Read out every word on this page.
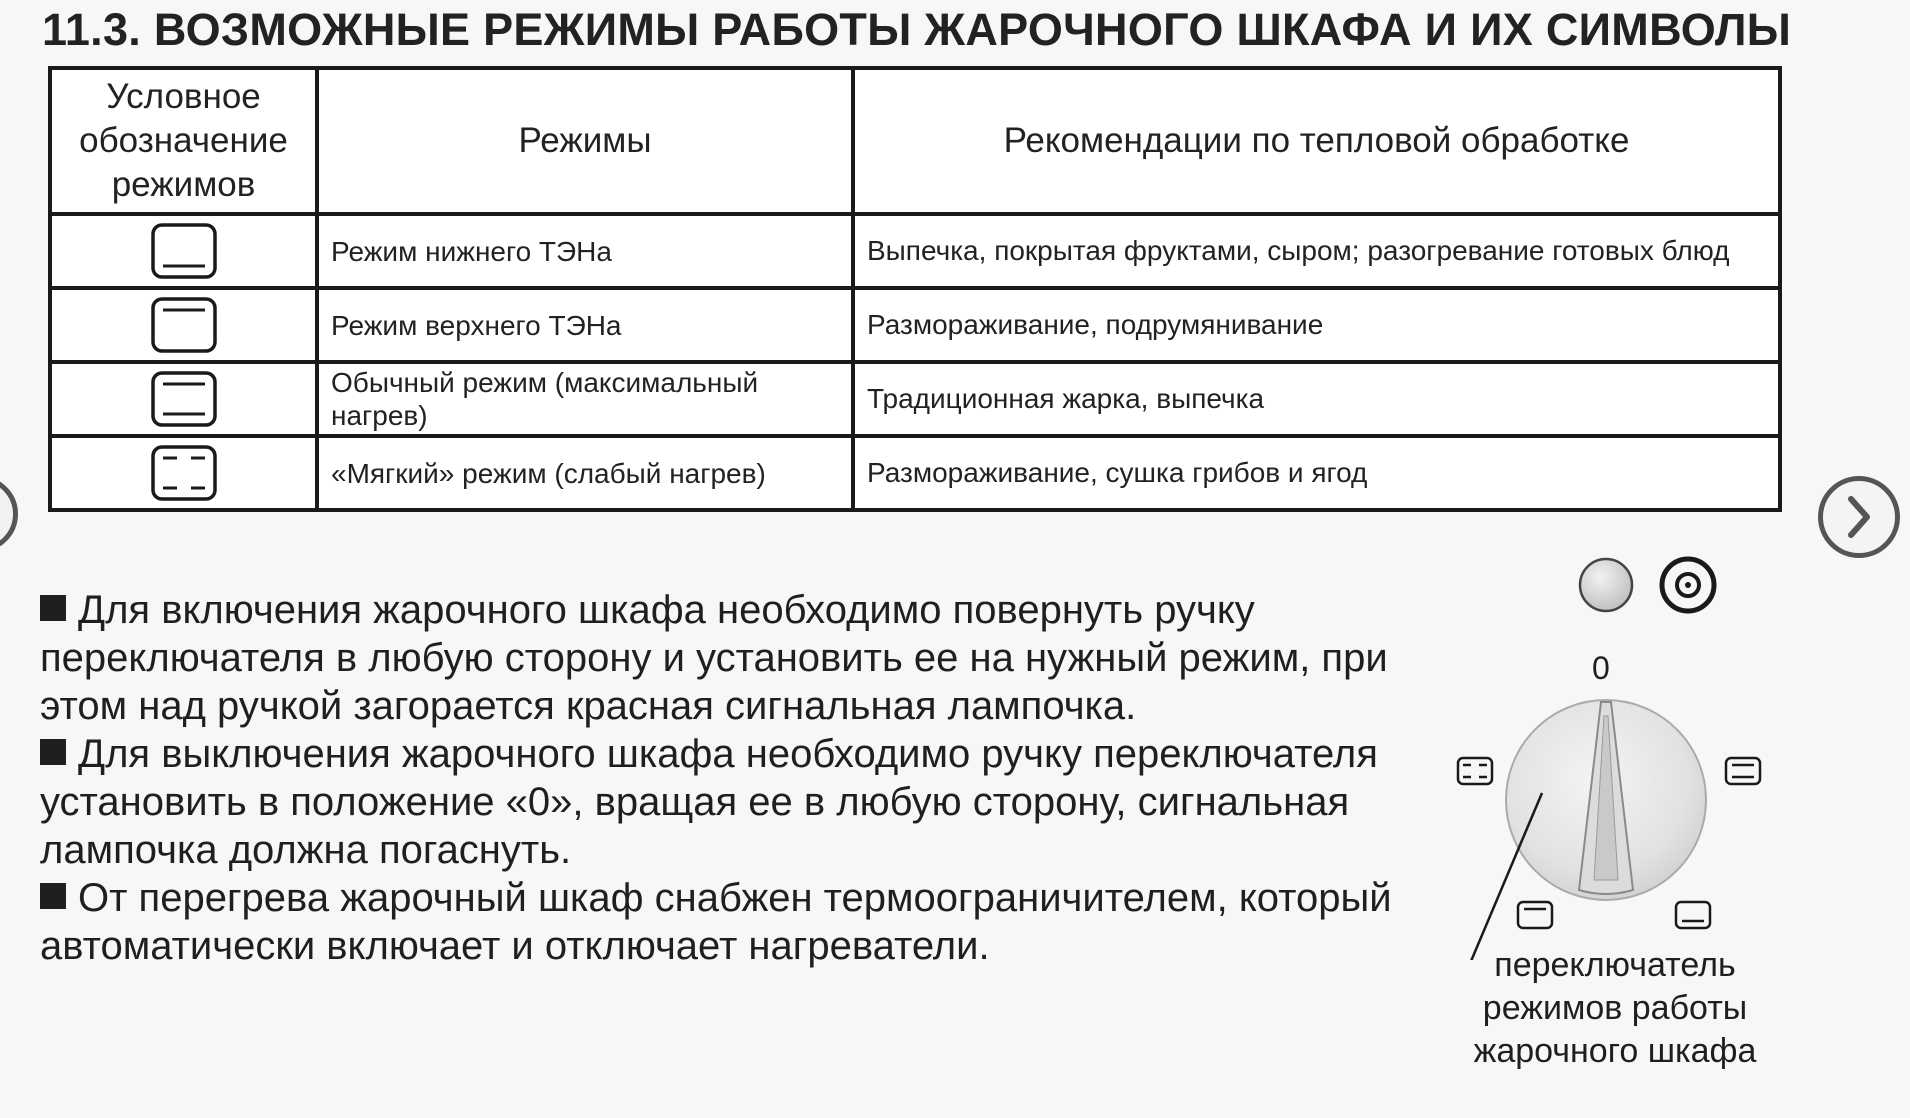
11.3. ВОЗМОЖНЫЕ РЕЖИМЫ РАБОТЫ ЖАРОЧНОГО ШКАФА И ИХ СИМВОЛЫ
Условное обозначение режимов	Режимы	Рекомендации по тепловой обработке

	Режим нижнего ТЭНа	Выпечка, покрытая фруктами, сыром; разогревание готовых блюд

	Режим верхнего ТЭНа	Размораживание, подрумянивание

	Обычный режим (максимальный нагрев)	Традиционная жарка, выпечка

	«Мягкий» режим (слабый нагрев)	Размораживание, сушка грибов и ягод

Для включения жарочного шкафа необходимо повернуть ручку переключателя в любую сторону и установить ее на нужный режим, при этом над ручкой загорается красная сигнальная лампочка.

Для выключения жарочного шкафа необходимо ручку переключателя установить в положение «0», вращая ее в любую сторону, сигнальная лампочка должна погаснуть.

От перегрева жарочный шкаф снабжен термоограничителем, который автоматически включает и отключает нагреватели.

0
переключатель режимов работы жарочного шкафа
